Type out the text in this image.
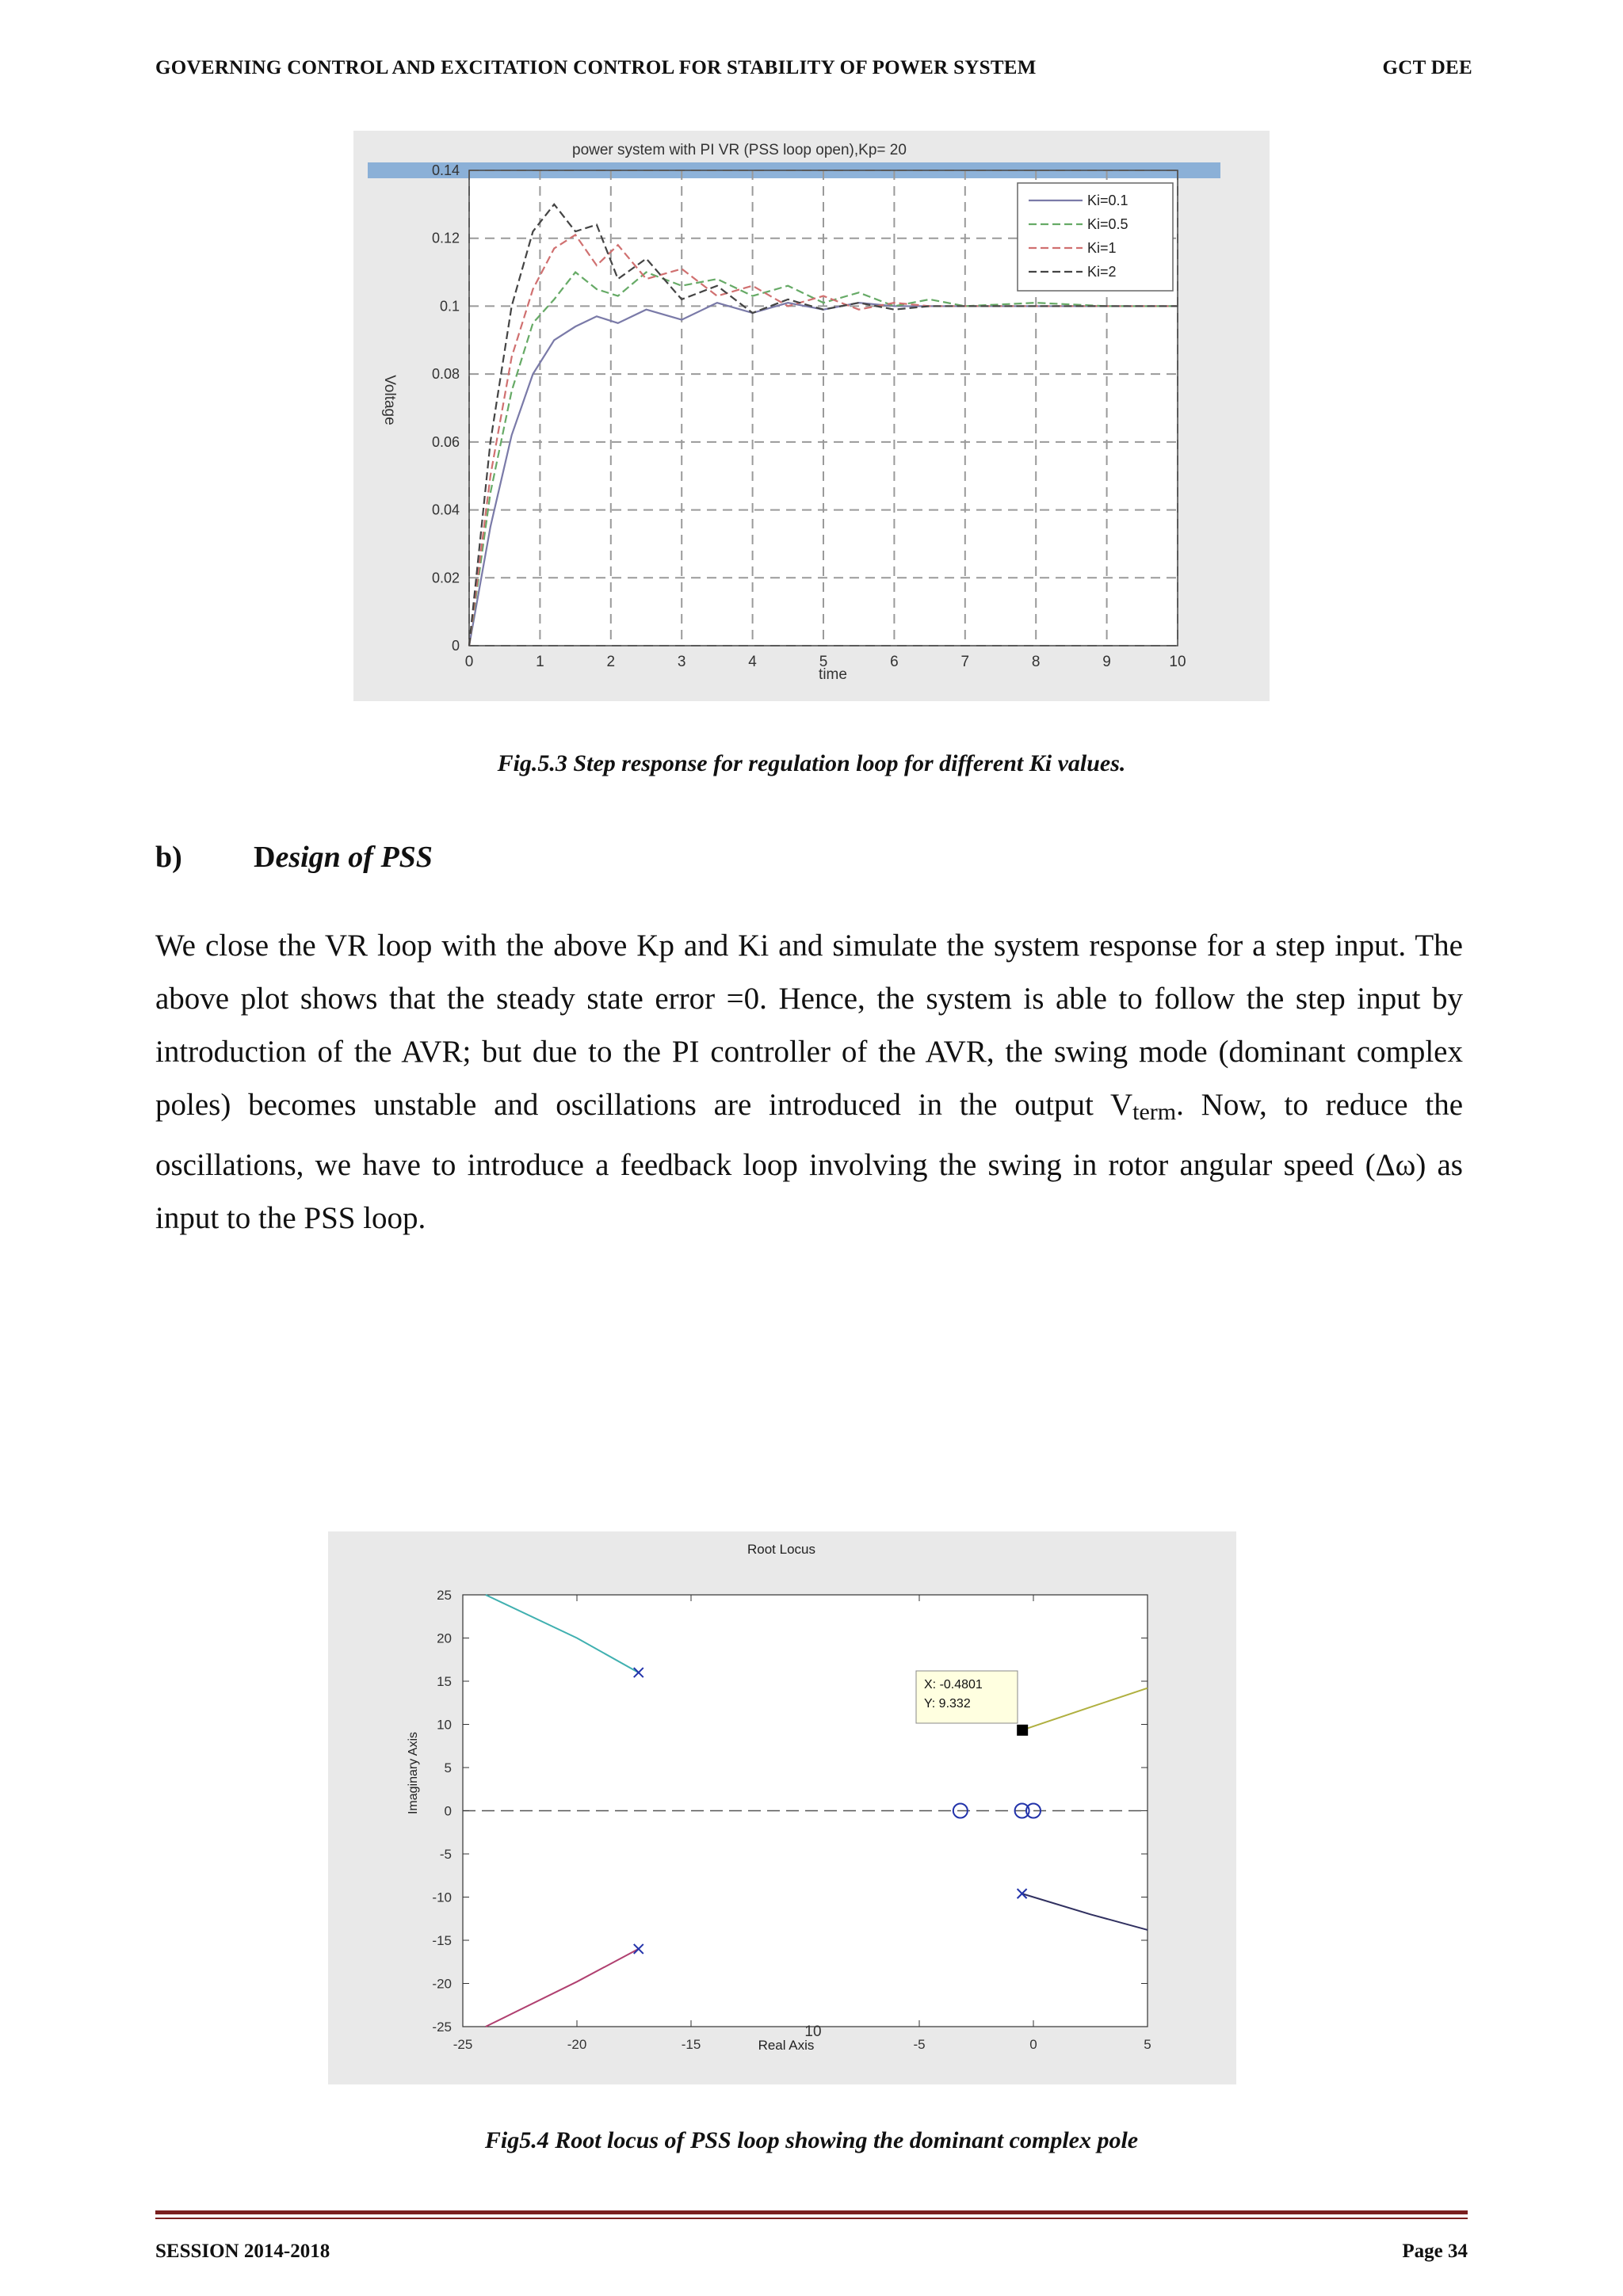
GOVERNING CONTROL AND EXCITATION CONTROL FOR STABILITY OF POWER SYSTEM	GCT DEE
power system with PI VR (PSS loop open),Kp= 20
0	1	2	3	4	5	6	7	8	9	10
0
0.02
0.04
0.06
0.08
0.1
0.12
0.14
time
Voltage
Ki=0.1
Ki=0.5
Ki=1
Ki=2
Fig.5.3 Step response for regulation loop for different Ki values.
b) Design of PSS

We close the VR loop with the above Kp and Ki and simulate the system response for a step input. The above plot shows that the steady state error =0. Hence, the system is able to follow the step input by introduction of the AVR; but due to the PI controller of the AVR, the swing mode (dominant complex poles) becomes unstable and oscillations are introduced in the output $V_{term}$. Now, to reduce the oscillations, we have to introduce a feedback loop involving the swing in rotor angular speed (Δω) as input to the PSS loop.

Root Locus
25
20
15
10
5
0
-5
-10
-15
-20
-25
-25	-20	-15	5
0
-5
10
Real Axis
Imaginary Axis
X: -0.4801
Y: 9.332
Fig5.4 Root locus of PSS loop showing the dominant complex pole
SESSION 2014-2018	Page 34
